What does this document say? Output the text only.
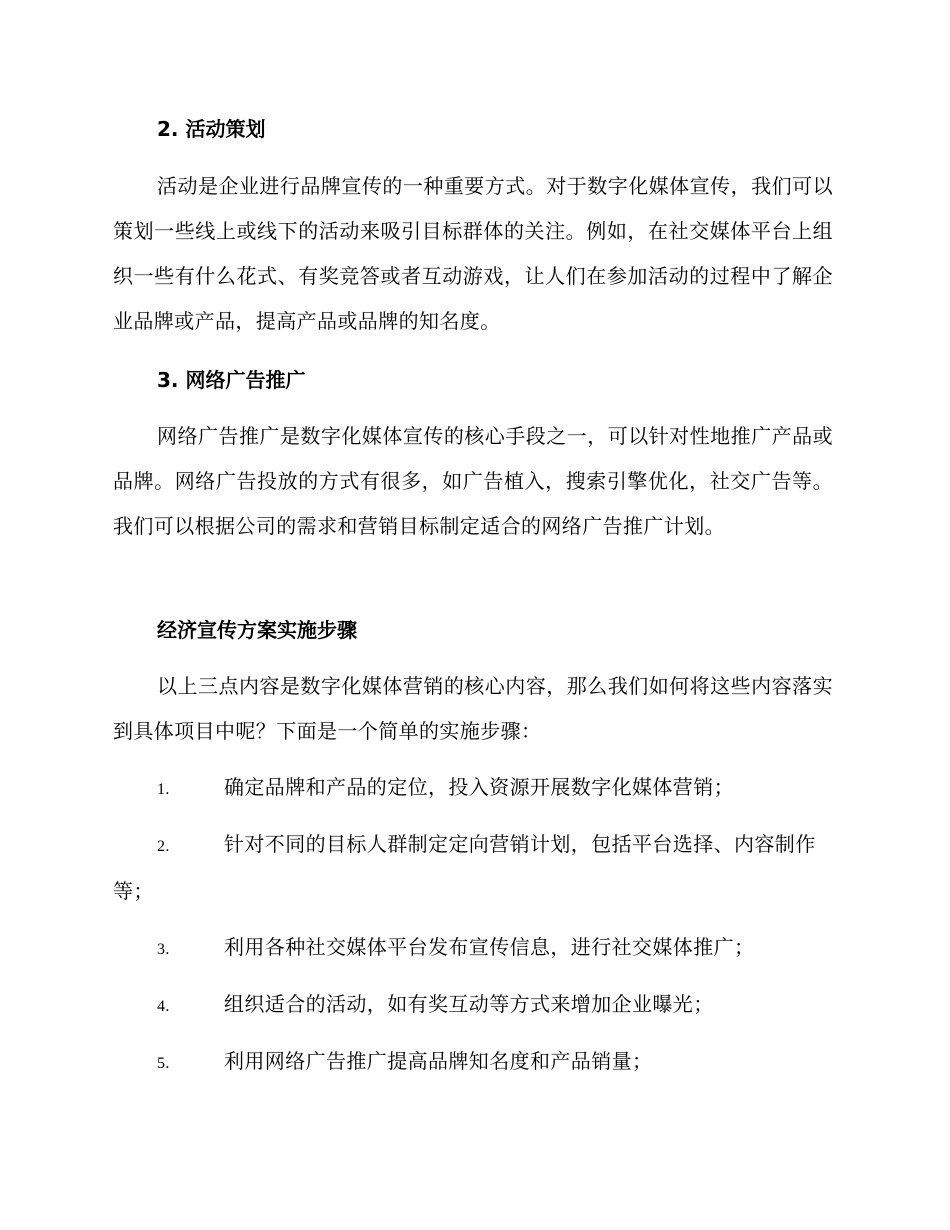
2. 活动策划
活动是企业进行品牌宣传的一种重要方式。对于数字化媒体宣传，我们可以策划一些线上或线下的活动来吸引目标群体的关注。例如，在社交媒体平台上组织一些有什么花式、有奖竞答或者互动游戏，让人们在参加活动的过程中了解企业品牌或产品，提高产品或品牌的知名度。
3. 网络广告推广
网络广告推广是数字化媒体宣传的核心手段之一，可以针对性地推广产品或品牌。网络广告投放的方式有很多，如广告植入，搜索引擎优化，社交广告等。我们可以根据公司的需求和营销目标制定适合的网络广告推广计划。
经济宣传方案实施步骤
以上三点内容是数字化媒体营销的核心内容，那么我们如何将这些内容落实到具体项目中呢？下面是一个简单的实施步骤：
1.	确定品牌和产品的定位，投入资源开展数字化媒体营销；
2.	针对不同的目标人群制定定向营销计划，包括平台选择、内容制作等；
3.	利用各种社交媒体平台发布宣传信息，进行社交媒体推广；
4.	组织适合的活动，如有奖互动等方式来增加企业曝光；
5.	利用网络广告推广提高品牌知名度和产品销量；
